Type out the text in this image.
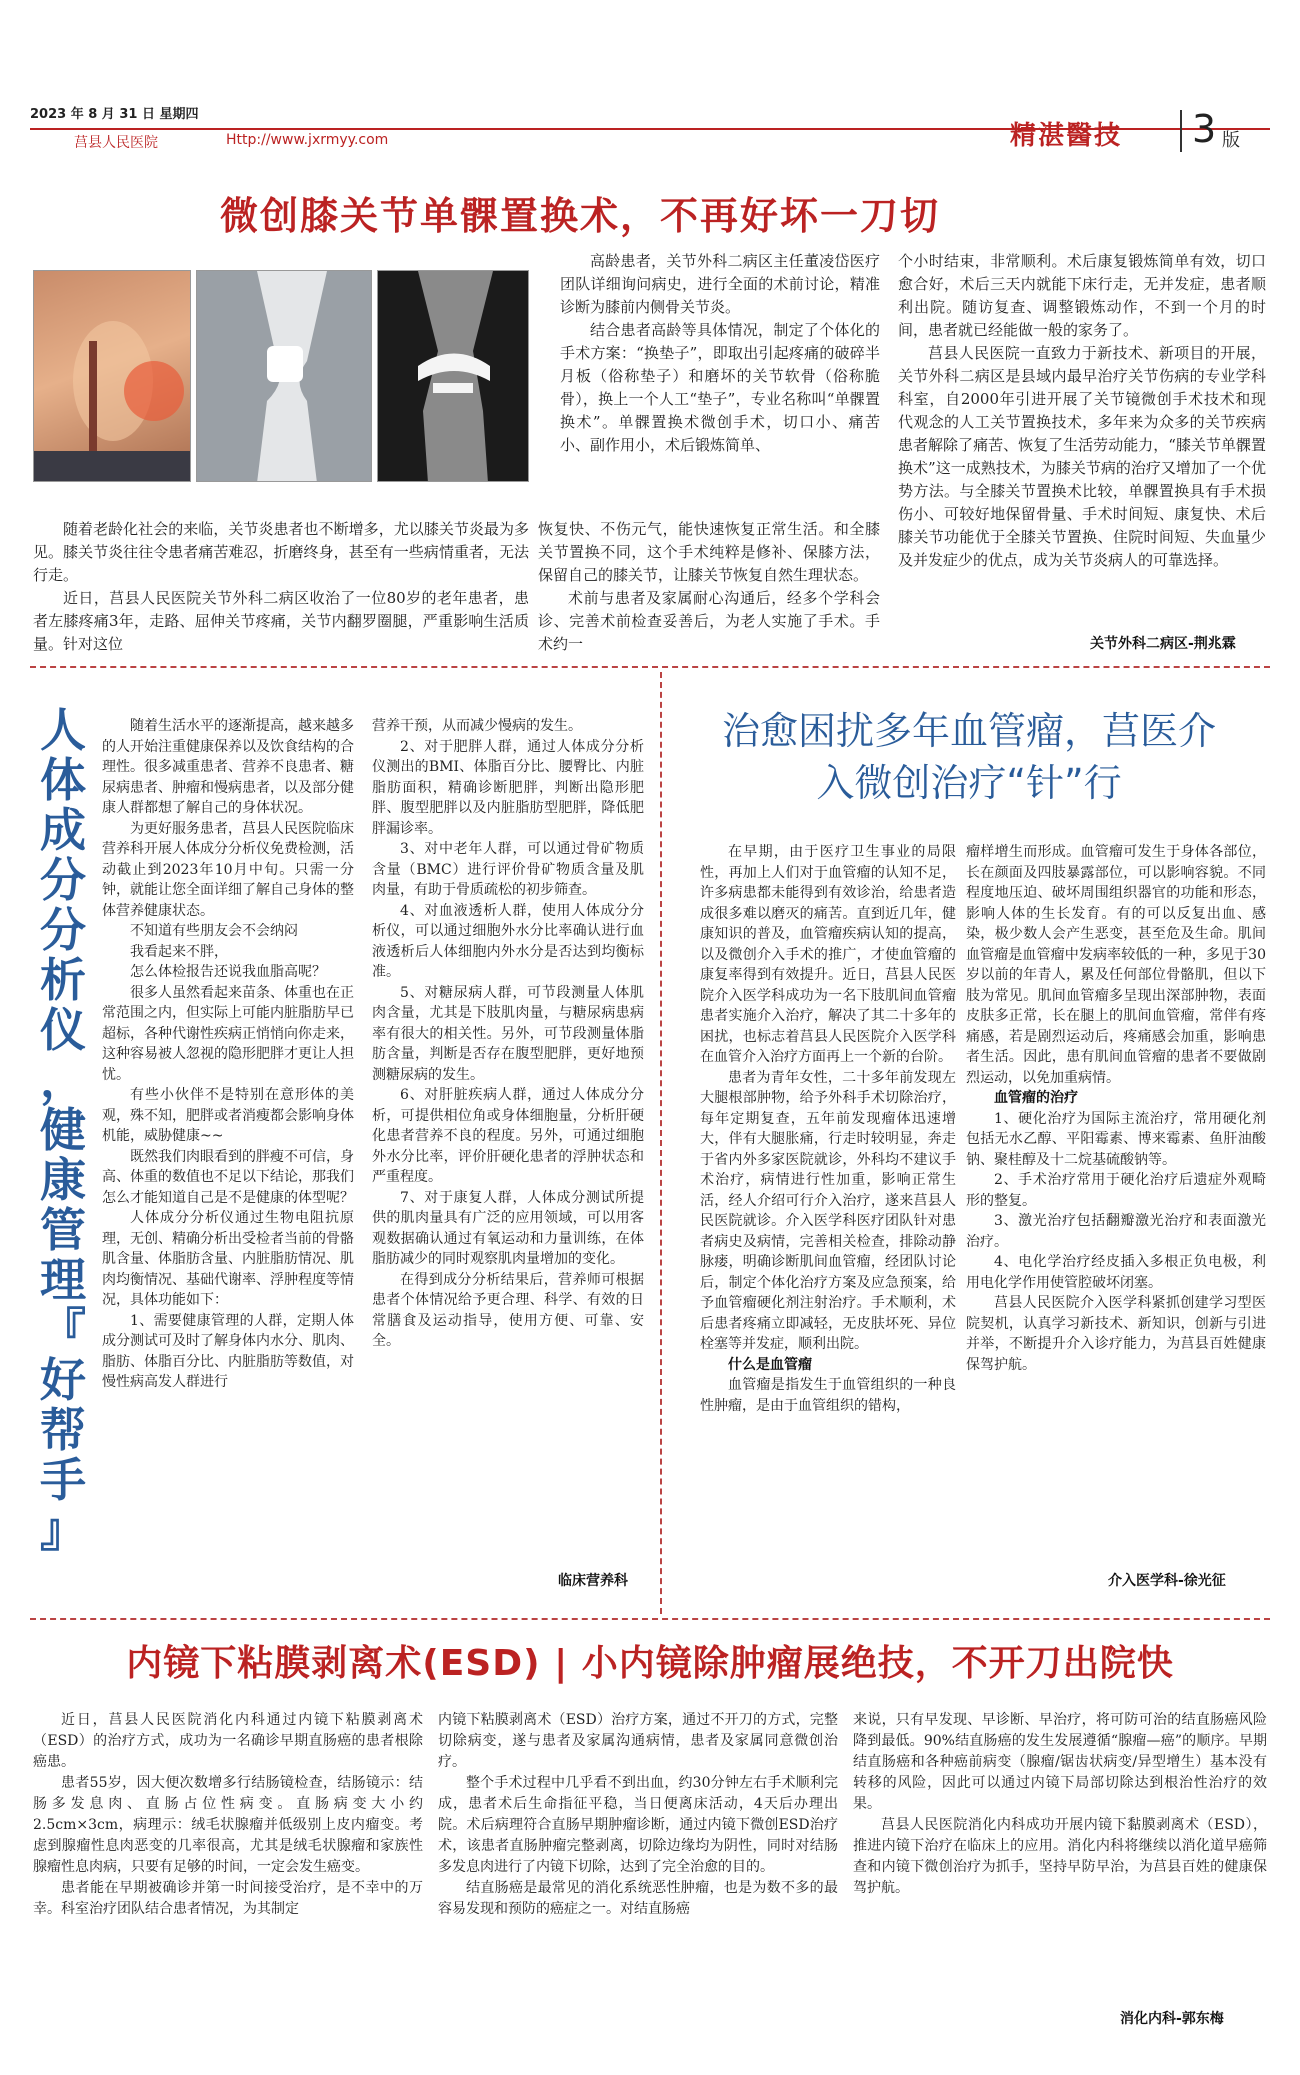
2023 年 8 月 31 日 星期四
莒县人民医院	Http://www.jxrmyy.com	精湛醫技 3 版
微创膝关节单髁置换术，不再好坏一刀切

随着老龄化社会的来临，关节炎患者也不断增多，尤以膝关节炎最为多见。膝关节炎往往令患者痛苦难忍，折磨终身，甚至有一些病情重者，无法行走。

近日，莒县人民医院关节外科二病区收治了一位80岁的老年患者，患者左膝疼痛3年，走路、屈伸关节疼痛，关节内翻罗圈腿，严重影响生活质量。针对这位

高龄患者，关节外科二病区主任董凌岱医疗团队详细询问病史，进行全面的术前讨论，精准诊断为膝前内侧骨关节炎。

结合患者高龄等具体情况，制定了个体化的手术方案：“换垫子”，即取出引起疼痛的破碎半月板（俗称垫子）和磨坏的关节软骨（俗称脆骨），换上一个人工“垫子”，专业名称叫“单髁置换术”。单髁置换术微创手术，切口小、痛苦小、副作用小，术后锻炼简单、

恢复快、不伤元气，能快速恢复正常生活。和全膝关节置换不同，这个手术纯粹是修补、保膝方法，保留自己的膝关节，让膝关节恢复自然生理状态。

术前与患者及家属耐心沟通后，经多个学科会诊、完善术前检查妥善后，为老人实施了手术。手术约一

个小时结束，非常顺利。术后康复锻炼简单有效，切口愈合好，术后三天内就能下床行走，无并发症，患者顺利出院。随访复查、调整锻炼动作，不到一个月的时间，患者就已经能做一般的家务了。

莒县人民医院一直致力于新技术、新项目的开展，关节外科二病区是县域内最早治疗关节伤病的专业学科科室，自2000年引进开展了关节镜微创手术技术和现代观念的人工关节置换技术，多年来为众多的关节疾病患者解除了痛苦、恢复了生活劳动能力，“膝关节单髁置换术”这一成熟技术，为膝关节病的治疗又增加了一个优势方法。与全膝关节置换术比较，单髁置换具有手术损伤小、可较好地保留骨量、手术时间短、康复快、术后膝关节功能优于全膝关节置换、住院时间短、失血量少及并发症少的优点，成为关节炎病人的可靠选择。

关节外科二病区-荆兆霖
人
体
成
分
分
析
仪
，
健
康
管
理
『
好
帮
手
』

随着生活水平的逐渐提高，越来越多的人开始注重健康保养以及饮食结构的合理性。很多减重患者、营养不良患者、糖尿病患者、肿瘤和慢病患者，以及部分健康人群都想了解自己的身体状况。

为更好服务患者，莒县人民医院临床营养科开展人体成分分析仪免费检测，活动截止到2023年10月中旬。只需一分钟，就能让您全面详细了解自己身体的整体营养健康状态。

不知道有些朋友会不会纳闷

我看起来不胖，

怎么体检报告还说我血脂高呢？

很多人虽然看起来苗条、体重也在正常范围之内，但实际上可能内脏脂肪早已超标，各种代谢性疾病正悄悄向你走来，这种容易被人忽视的隐形肥胖才更让人担忧。

有些小伙伴不是特别在意形体的美观，殊不知，肥胖或者消瘦都会影响身体机能，威胁健康~~

既然我们肉眼看到的胖瘦不可信，身高、体重的数值也不足以下结论，那我们怎么才能知道自己是不是健康的体型呢？

人体成分分析仪通过生物电阻抗原理，无创、精确分析出受检者当前的骨骼肌含量、体脂肪含量、内脏脂肪情况、肌肉均衡情况、基础代谢率、浮肿程度等情况，具体功能如下：

1、需要健康管理的人群，定期人体成分测试可及时了解身体内水分、肌肉、脂肪、体脂百分比、内脏脂肪等数值，对慢性病高发人群进行

营养干预，从而减少慢病的发生。

2、对于肥胖人群，通过人体成分分析仪测出的BMI、体脂百分比、腰臀比、内脏脂肪面积，精确诊断肥胖，判断出隐形肥胖、腹型肥胖以及内脏脂肪型肥胖，降低肥胖漏诊率。

3、对中老年人群，可以通过骨矿物质含量（BMC）进行评价骨矿物质含量及肌肉量，有助于骨质疏松的初步筛查。

4、对血液透析人群，使用人体成分分析仪，可以通过细胞外水分比率确认进行血液透析后人体细胞内外水分是否达到均衡标准。

5、对糖尿病人群，可节段测量人体肌肉含量，尤其是下肢肌肉量，与糖尿病患病率有很大的相关性。另外，可节段测量体脂肪含量，判断是否存在腹型肥胖，更好地预测糖尿病的发生。

6、对肝脏疾病人群，通过人体成分分析，可提供相位角或身体细胞量，分析肝硬化患者营养不良的程度。另外，可通过细胞外水分比率，评价肝硬化患者的浮肿状态和严重程度。

7、对于康复人群，人体成分测试所提供的肌肉量具有广泛的应用领域，可以用客观数据确认通过有氧运动和力量训练，在体脂肪减少的同时观察肌肉量增加的变化。

在得到成分分析结果后，营养师可根据患者个体情况给予更合理、科学、有效的日常膳食及运动指导，使用方便、可靠、安全。

临床营养科
治愈困扰多年血管瘤，莒医介
入微创治疗“针”行

在早期，由于医疗卫生事业的局限性，再加上人们对于血管瘤的认知不足，许多病患都未能得到有效诊治，给患者造成很多难以磨灭的痛苦。直到近几年，健康知识的普及，血管瘤疾病认知的提高，以及微创介入手术的推广，才使血管瘤的康复率得到有效提升。近日，莒县人民医院介入医学科成功为一名下肢肌间血管瘤患者实施介入治疗，解决了其二十多年的困扰，也标志着莒县人民医院介入医学科在血管介入治疗方面再上一个新的台阶。

患者为青年女性，二十多年前发现左大腿根部肿物，给予外科手术切除治疗，每年定期复查，五年前发现瘤体迅速增大，伴有大腿胀痛，行走时较明显，奔走于省内外多家医院就诊，外科均不建议手术治疗，病情进行性加重，影响正常生活，经人介绍可行介入治疗，遂来莒县人民医院就诊。介入医学科医疗团队针对患者病史及病情，完善相关检查，排除动静脉瘘，明确诊断肌间血管瘤，经团队讨论后，制定个体化治疗方案及应急预案，给予血管瘤硬化剂注射治疗。手术顺利，术后患者疼痛立即减轻，无皮肤坏死、异位栓塞等并发症，顺利出院。

什么是血管瘤

血管瘤是指发生于血管组织的一种良性肿瘤，是由于血管组织的错构，

瘤样增生而形成。血管瘤可发生于身体各部位，长在颜面及四肢暴露部位，可以影响容貌。不同程度地压迫、破坏周围组织器官的功能和形态，影响人体的生长发育。有的可以反复出血、感染，极少数人会产生恶变，甚至危及生命。肌间血管瘤是血管瘤中发病率较低的一种，多见于30岁以前的年青人，累及任何部位骨骼肌，但以下肢为常见。肌间血管瘤多呈现出深部肿物，表面皮肤多正常，长在腿上的肌间血管瘤，常伴有疼痛感，若是剧烈运动后，疼痛感会加重，影响患者生活。因此，患有肌间血管瘤的患者不要做剧烈运动，以免加重病情。

血管瘤的治疗

1、硬化治疗为国际主流治疗，常用硬化剂包括无水乙醇、平阳霉素、博来霉素、鱼肝油酸钠、聚桂醇及十二烷基硫酸钠等。

2、手术治疗常用于硬化治疗后遗症外观畸形的整复。

3、激光治疗包括翻瓣激光治疗和表面激光治疗。

4、电化学治疗经皮插入多根正负电极，利用电化学作用使管腔破坏闭塞。

莒县人民医院介入医学科紧抓创建学习型医院契机，认真学习新技术、新知识，创新与引进并举，不断提升介入诊疗能力，为莒县百姓健康保驾护航。

介入医学科-徐光征
内镜下粘膜剥离术(ESD) | 小内镜除肿瘤展绝技，不开刀出院快

近日，莒县人民医院消化内科通过内镜下粘膜剥离术（ESD）的治疗方式，成功为一名确诊早期直肠癌的患者根除癌患。

患者55岁，因大便次数增多行结肠镜检查，结肠镜示：结肠多发息肉、直肠占位性病变。直肠病变大小约2.5cm×3cm，病理示：绒毛状腺瘤并低级别上皮内瘤变。考虑到腺瘤性息肉恶变的几率很高，尤其是绒毛状腺瘤和家族性腺瘤性息肉病，只要有足够的时间，一定会发生癌变。

患者能在早期被确诊并第一时间接受治疗，是不幸中的万幸。科室治疗团队结合患者情况，为其制定

内镜下粘膜剥离术（ESD）治疗方案，通过不开刀的方式，完整切除病变，遂与患者及家属沟通病情，患者及家属同意微创治疗。

整个手术过程中几乎看不到出血，约30分钟左右手术顺利完成，患者术后生命指征平稳，当日便离床活动，4天后办理出院。术后病理符合直肠早期肿瘤诊断，通过内镜下微创ESD治疗术，该患者直肠肿瘤完整剥离，切除边缘均为阴性，同时对结肠多发息肉进行了内镜下切除，达到了完全治愈的目的。

结直肠癌是最常见的消化系统恶性肿瘤，也是为数不多的最容易发现和预防的癌症之一。对结直肠癌

来说，只有早发现、早诊断、早治疗，将可防可治的结直肠癌风险降到最低。90%结直肠癌的发生发展遵循“腺瘤—癌”的顺序。早期结直肠癌和各种癌前病变（腺瘤/锯齿状病变/异型增生）基本没有转移的风险，因此可以通过内镜下局部切除达到根治性治疗的效果。

莒县人民医院消化内科成功开展内镜下黏膜剥离术（ESD），推进内镜下治疗在临床上的应用。消化内科将继续以消化道早癌筛查和内镜下微创治疗为抓手，坚持早防早治，为莒县百姓的健康保驾护航。

消化内科-郭东梅
